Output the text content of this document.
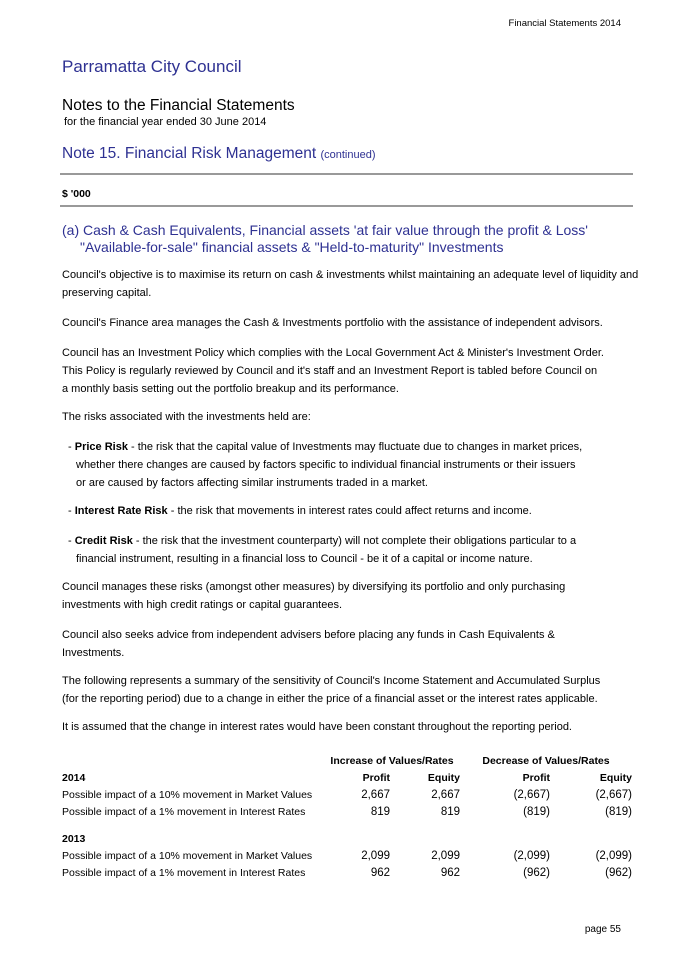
Financial Statements 2014
Parramatta City Council
Notes to the Financial Statements
for the financial year ended 30 June 2014
Note 15. Financial Risk Management (continued)
$ '000
(a) Cash & Cash Equivalents, Financial assets 'at fair value through the profit & Loss'
"Available-for-sale" financial assets & "Held-to-maturity" Investments
Council's objective is to maximise its return on cash & investments whilst maintaining an adequate level of liquidity and preserving capital.
Council's Finance area manages the Cash & Investments portfolio with the assistance of independent advisors.
Council has an Investment Policy which complies with the Local Government Act & Minister's Investment Order.
This Policy is regularly reviewed by Council and it's staff and an Investment Report is tabled before Council on
a monthly basis setting out the portfolio breakup and its performance.
The risks associated with the investments held are:
- Price Risk - the risk that the capital value of Investments may fluctuate due to changes in market prices,
whether there changes are caused by factors specific to individual financial instruments or their issuers
or are caused by factors affecting similar instruments traded in a market.
- Interest Rate Risk - the risk that movements in interest rates could affect returns and income.
- Credit Risk - the risk that the investment counterparty) will not complete their obligations particular to a
financial instrument, resulting in a financial loss to Council - be it of a capital or income nature.
Council manages these risks (amongst other measures) by diversifying its portfolio and only purchasing
investments with high credit ratings or capital guarantees.
Council also seeks advice from independent advisers before placing any funds in Cash Equivalents &
Investments.
The following represents a summary of the sensitivity of Council's Income Statement and Accumulated Surplus
(for the reporting period) due to a change in either the price of a financial asset or the interest rates applicable.
It is assumed that the change in interest rates would have been constant throughout the reporting period.
	Increase of Values/Rates		Decrease of Values/Rates	
2014	Profit	Equity	Profit	Equity
Possible impact of a 10% movement in Market Values	2,667	2,667	(2,667)	(2,667)
Possible impact of a 1% movement in Interest Rates	819	819	(819)	(819)

2013				
Possible impact of a 10% movement in Market Values	2,099	2,099	(2,099)	(2,099)
Possible impact of a 1% movement in Interest Rates	962	962	(962)	(962)
page 55
